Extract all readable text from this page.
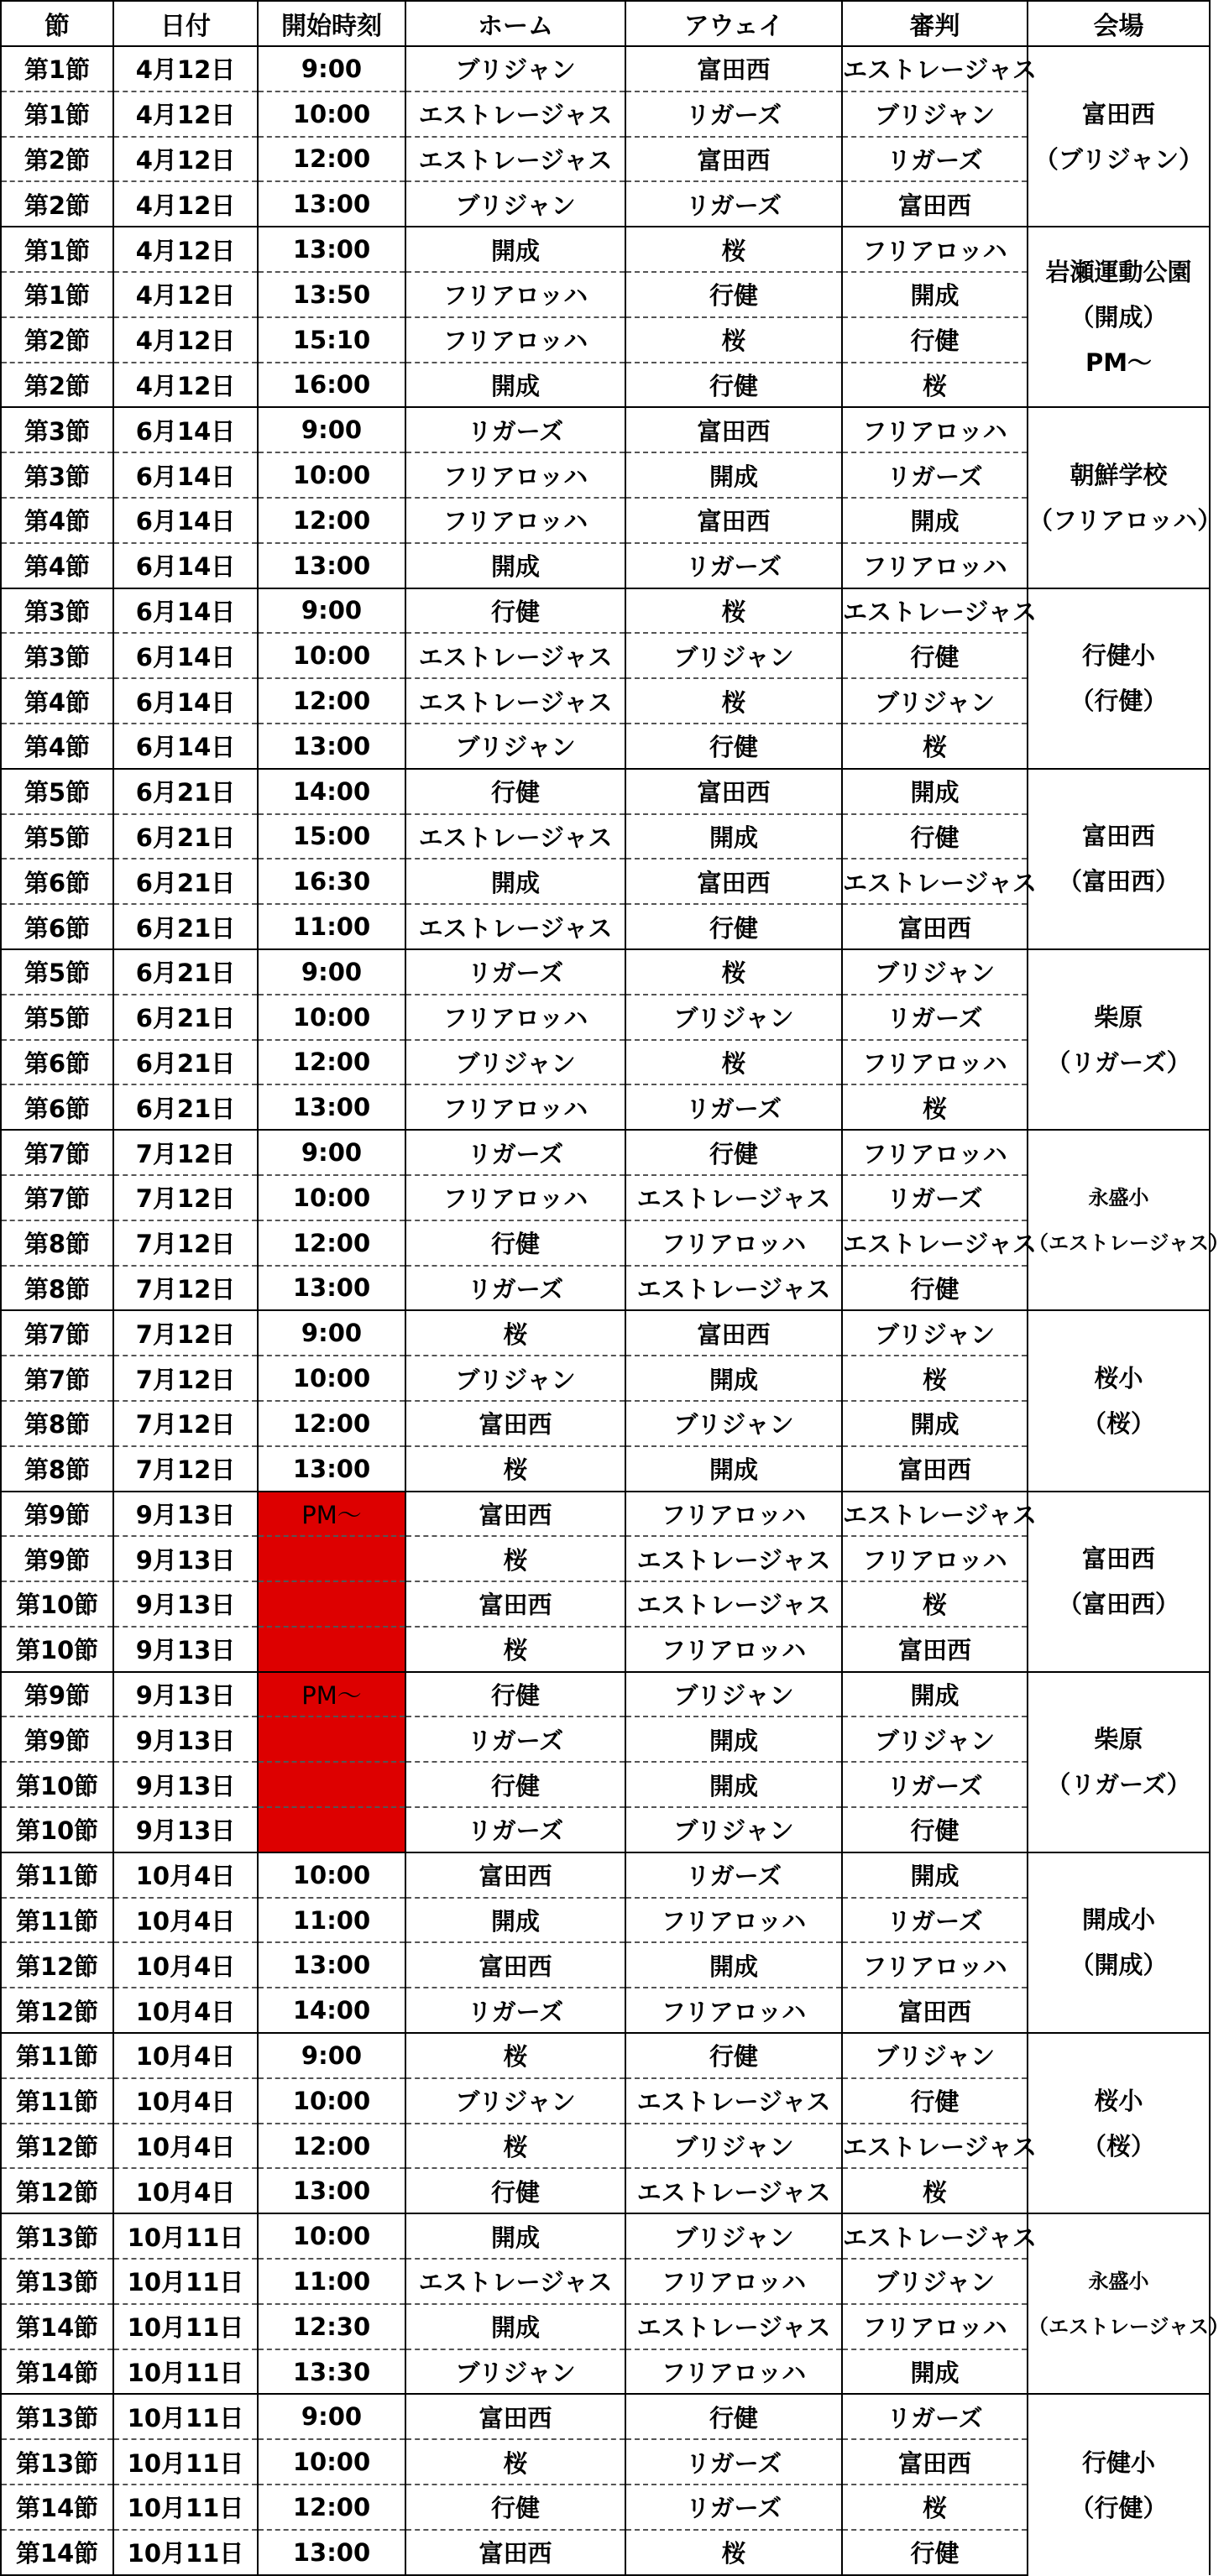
節	日付	開始時刻	ホーム	アウェイ	審判	会場
第1節	4月12日	9:00	ブリジャン	富田西	エストレージャス	富田西
（ブリジャン）

第1節	4月12日	10:00	エストレージャス	リガーズ	ブリジャン	
第2節	4月12日	12:00	エストレージャス	富田西	リガーズ	
第2節	4月12日	13:00	ブリジャン	リガーズ	富田西	
第1節	4月12日	13:00	開成	桜	フリアロッハ	岩瀬運動公園
（開成）
PM～

第1節	4月12日	13:50	フリアロッハ	行健	開成	
第2節	4月12日	15:10	フリアロッハ	桜	行健	
第2節	4月12日	16:00	開成	行健	桜	
第3節	6月14日	9:00	リガーズ	富田西	フリアロッハ	朝鮮学校
（フリアロッハ）

第3節	6月14日	10:00	フリアロッハ	開成	リガーズ	
第4節	6月14日	12:00	フリアロッハ	富田西	開成	
第4節	6月14日	13:00	開成	リガーズ	フリアロッハ	
第3節	6月14日	9:00	行健	桜	エストレージャス	行健小
（行健）

第3節	6月14日	10:00	エストレージャス	ブリジャン	行健	
第4節	6月14日	12:00	エストレージャス	桜	ブリジャン	
第4節	6月14日	13:00	ブリジャン	行健	桜	
第5節	6月21日	14:00	行健	富田西	開成	富田西
（富田西）

第5節	6月21日	15:00	エストレージャス	開成	行健	
第6節	6月21日	16:30	開成	富田西	エストレージャス	
第6節	6月21日	11:00	エストレージャス	行健	富田西	
第5節	6月21日	9:00	リガーズ	桜	ブリジャン	柴原
（リガーズ）

第5節	6月21日	10:00	フリアロッハ	ブリジャン	リガーズ	
第6節	6月21日	12:00	ブリジャン	桜	フリアロッハ	
第6節	6月21日	13:00	フリアロッハ	リガーズ	桜	
第7節	7月12日	9:00	リガーズ	行健	フリアロッハ	永盛小
（エストレージャス）

第7節	7月12日	10:00	フリアロッハ	エストレージャス	リガーズ	
第8節	7月12日	12:00	行健	フリアロッハ	エストレージャス	
第8節	7月12日	13:00	リガーズ	エストレージャス	行健	
第7節	7月12日	9:00	桜	富田西	ブリジャン	桜小
（桜）

第7節	7月12日	10:00	ブリジャン	開成	桜	
第8節	7月12日	12:00	富田西	ブリジャン	開成	
第8節	7月12日	13:00	桜	開成	富田西	
第9節	9月13日	PM～	富田西	フリアロッハ	エストレージャス	富田西
（富田西）

第9節	9月13日		桜	エストレージャス	フリアロッハ	
第10節	9月13日		富田西	エストレージャス	桜	
第10節	9月13日		桜	フリアロッハ	富田西	
第9節	9月13日	PM～	行健	ブリジャン	開成	柴原
（リガーズ）

第9節	9月13日		リガーズ	開成	ブリジャン	
第10節	9月13日		行健	開成	リガーズ	
第10節	9月13日		リガーズ	ブリジャン	行健	
第11節	10月4日	10:00	富田西	リガーズ	開成	開成小
（開成）

第11節	10月4日	11:00	開成	フリアロッハ	リガーズ	
第12節	10月4日	13:00	富田西	開成	フリアロッハ	
第12節	10月4日	14:00	リガーズ	フリアロッハ	富田西	
第11節	10月4日	9:00	桜	行健	ブリジャン	桜小
（桜）

第11節	10月4日	10:00	ブリジャン	エストレージャス	行健	
第12節	10月4日	12:00	桜	ブリジャン	エストレージャス	
第12節	10月4日	13:00	行健	エストレージャス	桜	
第13節	10月11日	10:00	開成	ブリジャン	エストレージャス	永盛小
（エストレージャス）

第13節	10月11日	11:00	エストレージャス	フリアロッハ	ブリジャン	
第14節	10月11日	12:30	開成	エストレージャス	フリアロッハ	
第14節	10月11日	13:30	ブリジャン	フリアロッハ	開成	
第13節	10月11日	9:00	富田西	行健	リガーズ	行健小
（行健）

第13節	10月11日	10:00	桜	リガーズ	富田西	
第14節	10月11日	12:00	行健	リガーズ	桜	
第14節	10月11日	13:00	富田西	桜	行健	
